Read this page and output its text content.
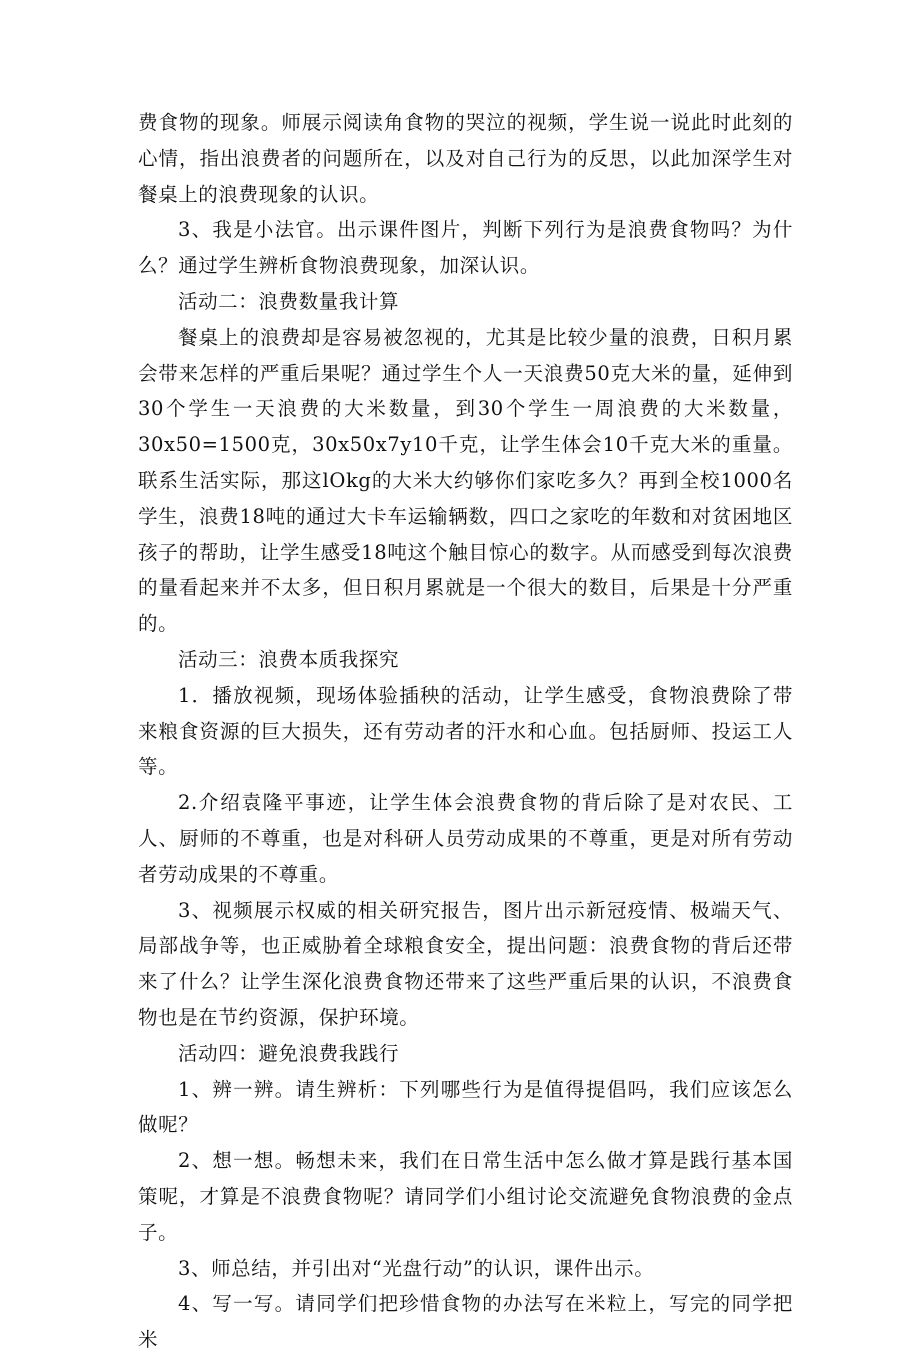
费食物的现象。师展示阅读角食物的哭泣的视频，学生说一说此时此刻的心情，指出浪费者的问题所在，以及对自己行为的反思，以此加深学生对餐桌上的浪费现象的认识。

3、我是小法官。出示课件图片，判断下列行为是浪费食物吗？为什么？通过学生辨析食物浪费现象，加深认识。

活动二：浪费数量我计算

餐桌上的浪费却是容易被忽视的，尤其是比较少量的浪费，日积月累会带来怎样的严重后果呢？通过学生个人一天浪费50克大米的量，延伸到30个学生一天浪费的大米数量，到30个学生一周浪费的大米数量，30x50=1500克，30x50x7y10千克，让学生体会10千克大米的重量。联系生活实际，那这lOkg的大米大约够你们家吃多久？再到全校1000名学生，浪费18吨的通过大卡车运输辆数，四口之家吃的年数和对贫困地区孩子的帮助，让学生感受18吨这个触目惊心的数字。从而感受到每次浪费的量看起来并不太多，但日积月累就是一个很大的数目，后果是十分严重的。

活动三：浪费本质我探究

1．播放视频，现场体验插秧的活动，让学生感受，食物浪费除了带来粮食资源的巨大损失，还有劳动者的汗水和心血。包括厨师、投运工人等。

2.介绍袁隆平事迹，让学生体会浪费食物的背后除了是对农民、工人、厨师的不尊重，也是对科研人员劳动成果的不尊重，更是对所有劳动者劳动成果的不尊重。

3、视频展示权威的相关研究报告，图片出示新冠疫情、极端天气、局部战争等，也正威胁着全球粮食安全，提出问题：浪费食物的背后还带来了什么？让学生深化浪费食物还带来了这些严重后果的认识，不浪费食物也是在节约资源，保护环境。

活动四：避免浪费我践行

1、辨一辨。请生辨析：下列哪些行为是值得提倡吗，我们应该怎么做呢？

2、想一想。畅想未来，我们在日常生活中怎么做才算是践行基本国策呢，才算是不浪费食物呢？请同学们小组讨论交流避免食物浪费的金点子。

3、师总结，并引出对“光盘行动”的认识，课件出示。

4、写一写。请同学们把珍惜食物的办法写在米粒上，写完的同学把米
